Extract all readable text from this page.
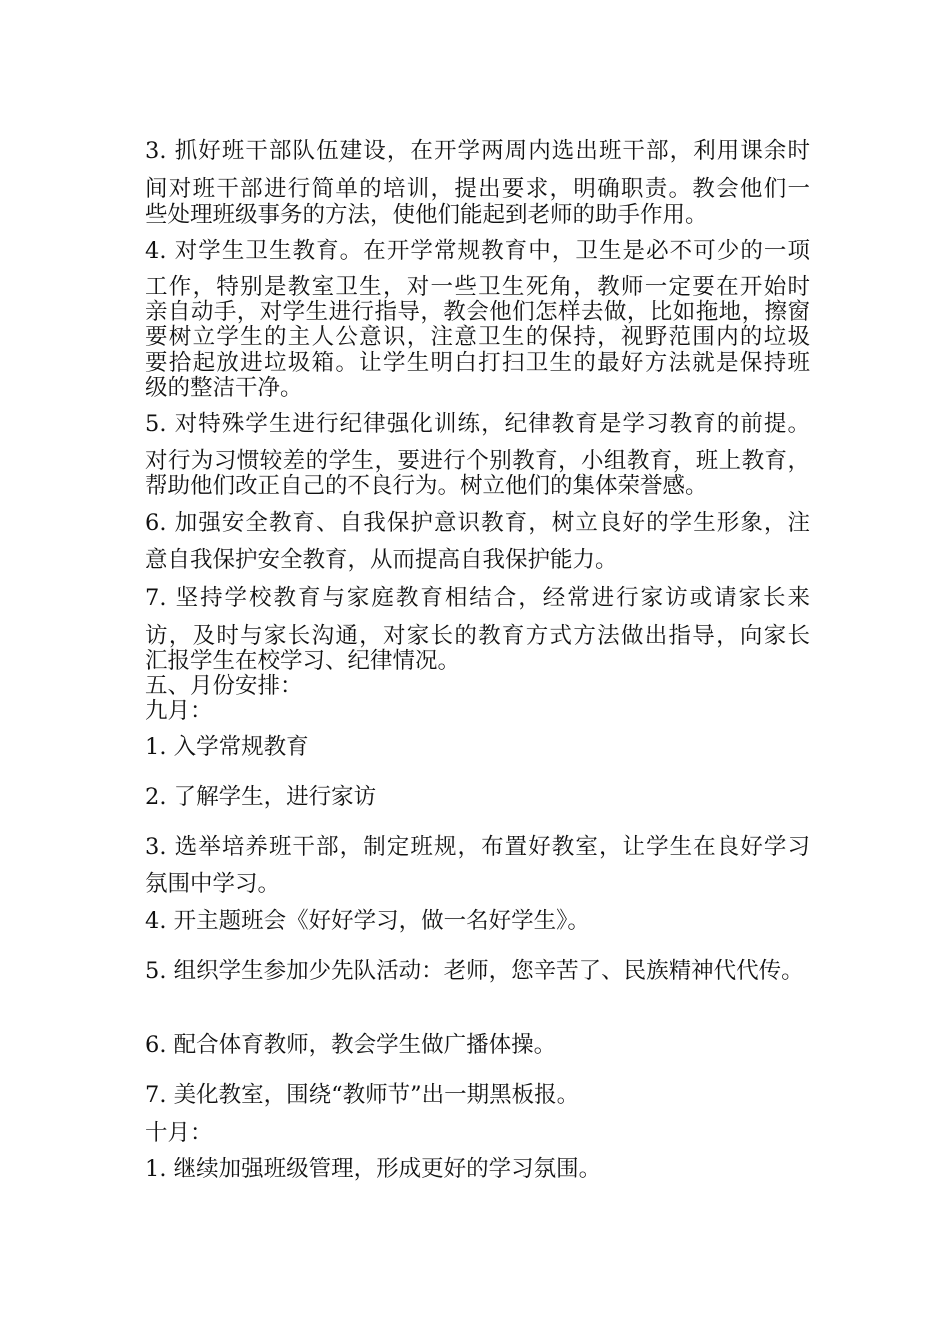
3. 抓好班干部队伍建设，在开学两周内选出班干部，利用课余时
间对班干部进行简单的培训，提出要求，明确职责。教会他们一
些处理班级事务的方法，使他们能起到老师的助手作用。
4. 对学生卫生教育。在开学常规教育中，卫生是必不可少的一项
工作，特别是教室卫生，对一些卫生死角，教师一定要在开始时
亲自动手，对学生进行指导，教会他们怎样去做，比如拖地，擦窗
要树立学生的主人公意识，注意卫生的保持，视野范围内的垃圾
要拾起放进垃圾箱。让学生明白打扫卫生的最好方法就是保持班
级的整洁干净。
5. 对特殊学生进行纪律强化训练，纪律教育是学习教育的前提。
对行为习惯较差的学生，要进行个别教育，小组教育，班上教育，
帮助他们改正自己的不良行为。树立他们的集体荣誉感。
6. 加强安全教育、自我保护意识教育，树立良好的学生形象，注
意自我保护安全教育，从而提高自我保护能力。
7. 坚持学校教育与家庭教育相结合，经常进行家访或请家长来
访，及时与家长沟通，对家长的教育方式方法做出指导，向家长
汇报学生在校学习、纪律情况。
五、月份安排：
九月：
1. 入学常规教育
2. 了解学生，进行家访
3. 选举培养班干部，制定班规，布置好教室，让学生在良好学习
氛围中学习。
4. 开主题班会《好好学习，做一名好学生》。
5. 组织学生参加少先队活动：老师，您辛苦了、民族精神代代传。
6. 配合体育教师，教会学生做广播体操。
7. 美化教室，围绕“教师节”出一期黑板报。
十月：
1. 继续加强班级管理，形成更好的学习氛围。
